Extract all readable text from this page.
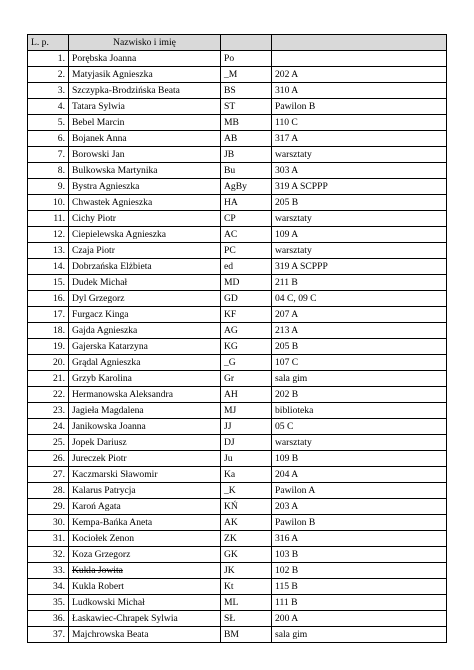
L. p.	Nazwisko i imię		
1.	Porębska Joanna	Po	
2.	Matyjasik Agnieszka	_M	202 A
3.	Szczypka-Brodzińska Beata	BS	310 A
4.	Tatara Sylwia	ST	Pawilon B
5.	Bebel Marcin	MB	110 C
6.	Bojanek Anna	AB	317 A
7.	Borowski Jan	JB	warsztaty
8.	Bulkowska Martynika	Bu	303 A
9.	Bystra Agnieszka	AgBy	319 A SCPPP
10.	Chwastek Agnieszka	HA	205 B
11.	Cichy Piotr	CP	warsztaty
12.	Ciepielewska Agnieszka	AC	109 A
13.	Czaja Piotr	PC	warsztaty
14.	Dobrzańska Elżbieta	ed	319 A SCPPP
15.	Dudek Michał	MD	211 B
16.	Dyl Grzegorz	GD	04 C, 09 C
17.	Furgacz Kinga	KF	207 A
18.	Gajda Agnieszka	AG	213 A
19.	Gajerska Katarzyna	KG	205 B
20.	Grądal Agnieszka	_G	107 C
21.	Grzyb Karolina	Gr	sala gim
22.	Hermanowska Aleksandra	AH	202 B
23.	Jagieła Magdalena	MJ	biblioteka
24.	Janikowska Joanna	JJ	05 C
25.	Jopek Dariusz	DJ	warsztaty
26.	Jureczek Piotr	Ju	109 B
27.	Kaczmarski Sławomir	Ka	204 A
28.	Kalarus Patrycja	_K	Pawilon A
29.	Karoń Agata	KŃ	203 A
30.	Kempa-Bańka Aneta	AK	Pawilon B
31.	Kociołek Zenon	ZK	316 A
32.	Koza Grzegorz	GK	103 B
33.	Kukla Jowita	JK	102 B
34.	Kukla Robert	Kt	115 B
35.	Ludkowski Michał	ML	111 B
36.	Łaskawiec-Chrapek Sylwia	SŁ	200 A
37.	Majchrowska Beata	BM	sala gim
